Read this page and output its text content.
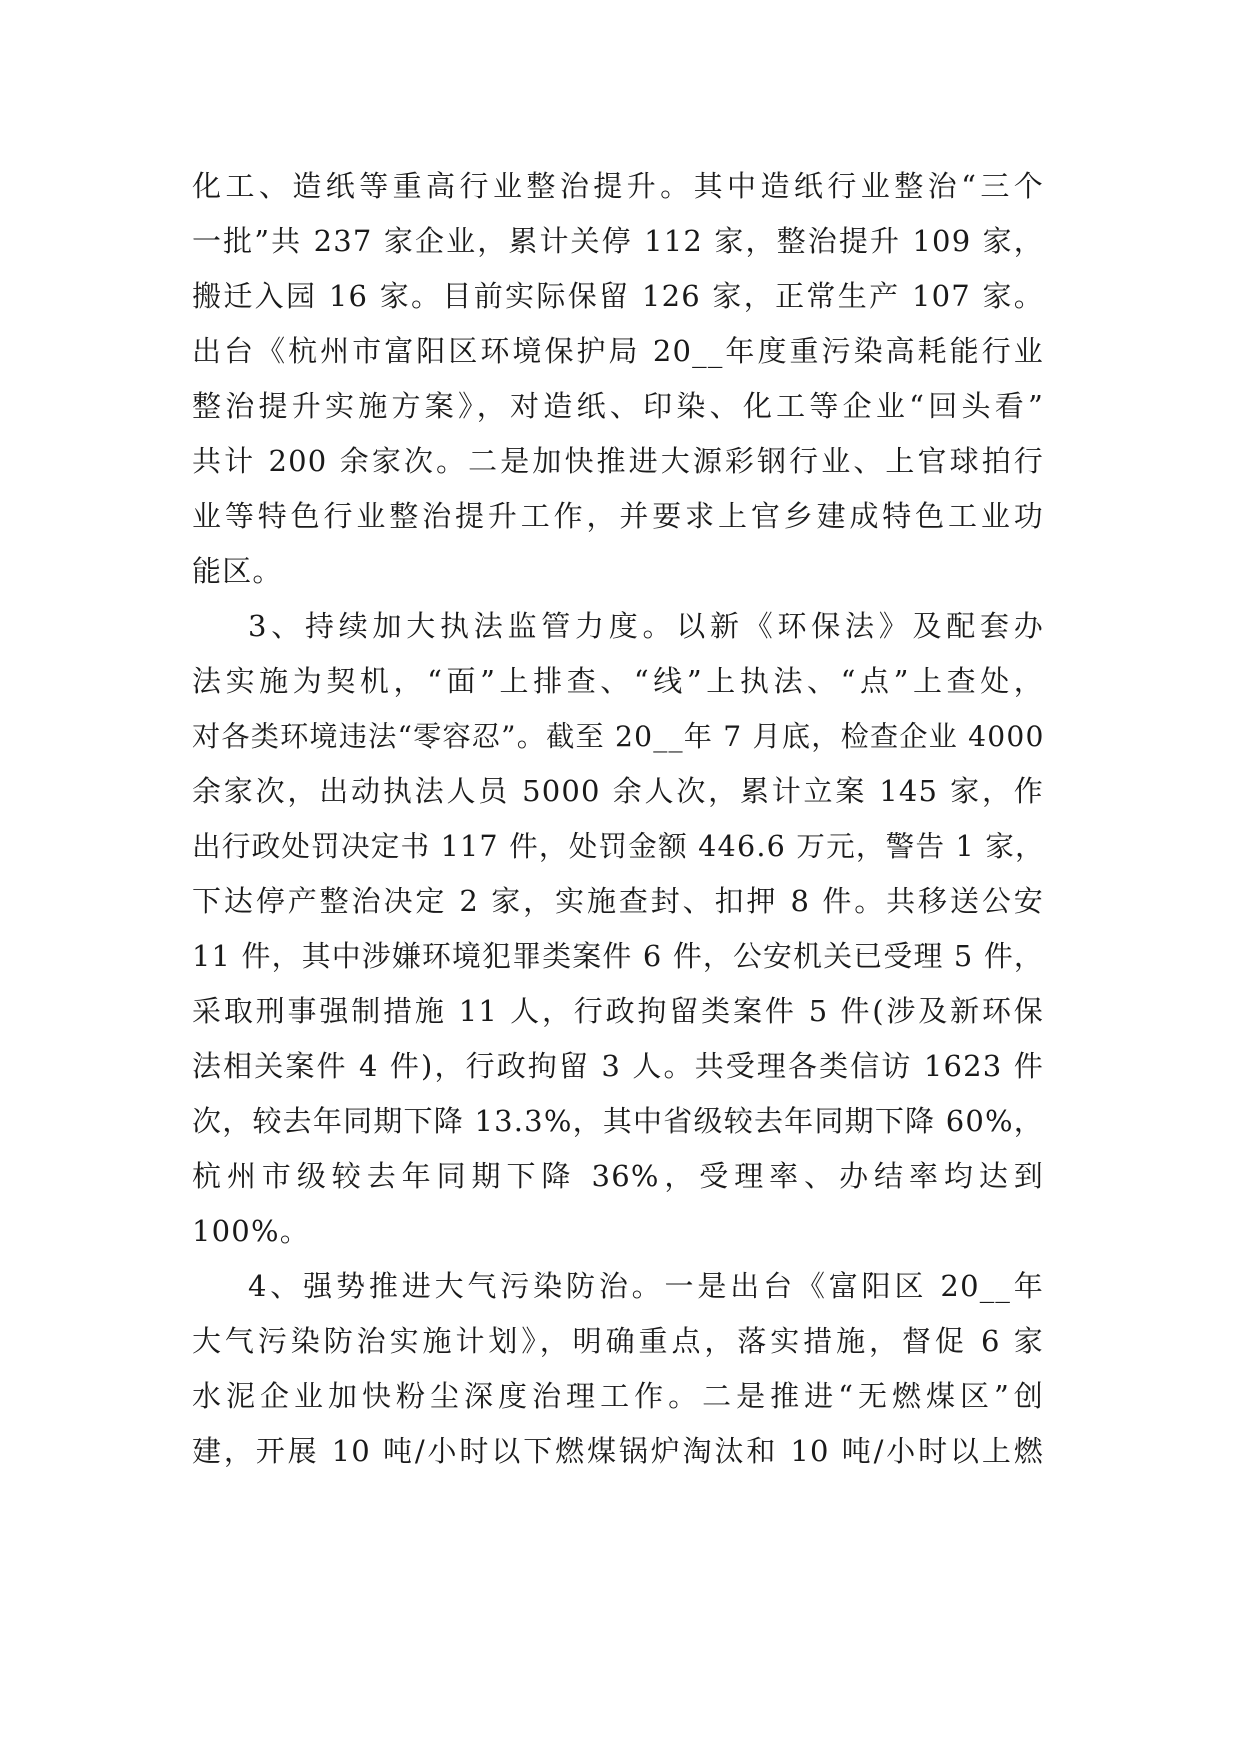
化工、造纸等重高行业整治提升。其中造纸行业整治“三个
一批”共 237 家企业，累计关停 112 家，整治提升 109 家，
搬迁入园 16 家。目前实际保留 126 家，正常生产 107 家。
出台《杭州市富阳区环境保护局 20__年度重污染高耗能行业
整治提升实施方案》，对造纸、印染、化工等企业“回头看”
共计 200 余家次。二是加快推进大源彩钢行业、上官球拍行
业等特色行业整治提升工作，并要求上官乡建成特色工业功
能区。
3、持续加大执法监管力度。以新《环保法》及配套办
法实施为契机，“面”上排查、“线”上执法、“点”上查处，
对各类环境违法“零容忍”。截至 20__年 7 月底，检查企业 4000
余家次，出动执法人员 5000 余人次，累计立案 145 家，作
出行政处罚决定书 117 件，处罚金额 446.6 万元，警告 1 家，
下达停产整治决定 2 家，实施查封、扣押 8 件。共移送公安
11 件，其中涉嫌环境犯罪类案件 6 件，公安机关已受理 5 件，
采取刑事强制措施 11 人，行政拘留类案件 5 件(涉及新环保
法相关案件 4 件)，行政拘留 3 人。共受理各类信访 1623 件
次，较去年同期下降 13.3%，其中省级较去年同期下降 60%，
杭州市级较去年同期下降 36%，受理率、办结率均达到
100%。
4、强势推进大气污染防治。一是出台《富阳区 20__年
大气污染防治实施计划》，明确重点，落实措施，督促 6 家
水泥企业加快粉尘深度治理工作。二是推进“无燃煤区”创
建，开展 10 吨/小时以下燃煤锅炉淘汰和 10 吨/小时以上燃
